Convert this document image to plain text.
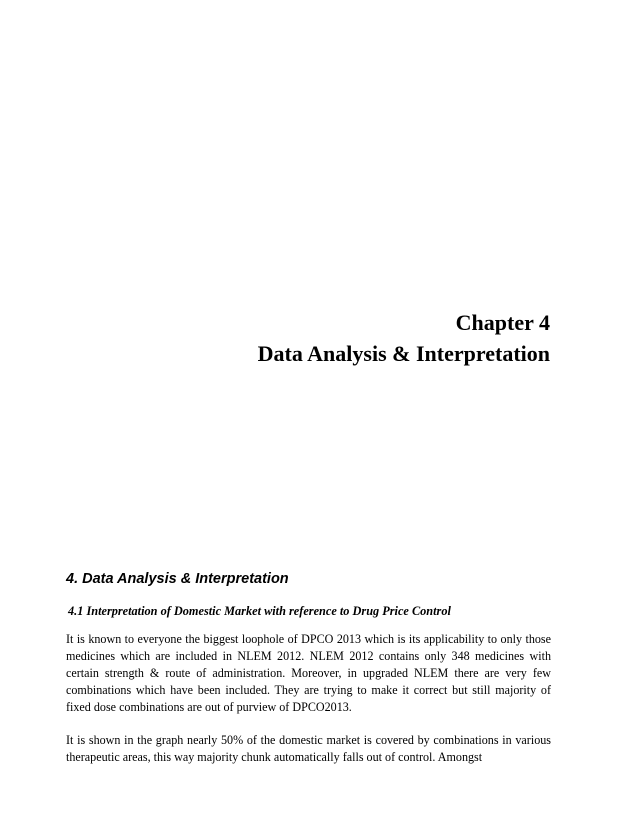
Chapter 4
Data Analysis & Interpretation
4. Data Analysis & Interpretation
4.1 Interpretation of Domestic Market with reference to Drug Price Control

It is known to everyone the biggest loophole of DPCO 2013 which is its applicability to only those medicines which are included in NLEM 2012. NLEM 2012 contains only 348 medicines with certain strength & route of administration. Moreover, in upgraded NLEM there are very few combinations which have been included. They are trying to make it correct but still majority of fixed dose combinations are out of purview of DPCO2013.

It is shown in the graph nearly 50% of the domestic market is covered by combinations in various therapeutic areas, this way majority chunk automatically falls out of control. Amongst
